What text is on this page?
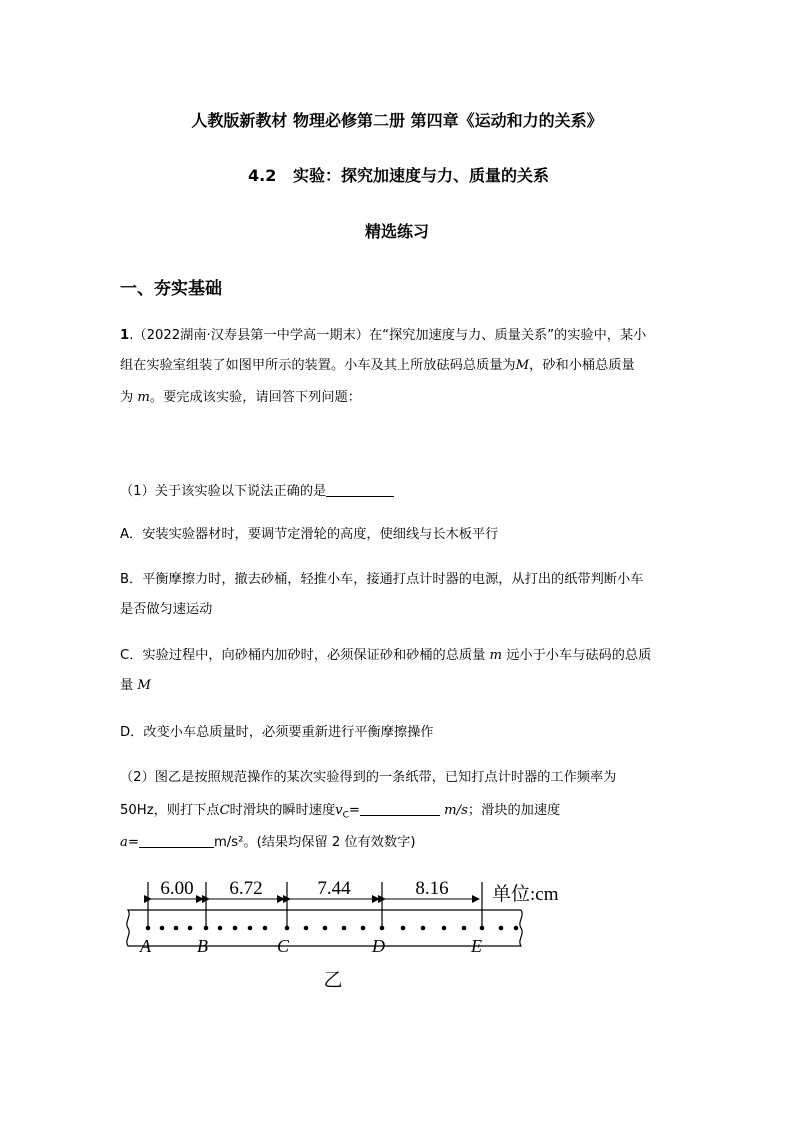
人教版新教材 物理必修第二册 第四章《运动和力的关系》
4.2   实验：探究加速度与力、质量的关系
精选练习
一、夯实基础
1.（2022湖南·汉寿县第一中学高一期末）在“探究加速度与力、质量关系”的实验中，某小
组在实验室组装了如图甲所示的装置。小车及其上所放砝码总质量为M，砂和小桶总质量
为 m。要完成该实验，请回答下列问题：
（1）关于该实验以下说法正确的是
A．安装实验器材时，要调节定滑轮的高度，使细线与长木板平行
B．平衡摩擦力时，撤去砂桶，轻推小车，接通打点计时器的电源，从打出的纸带判断小车
是否做匀速运动
C．实验过程中，向砂桶内加砂时，必须保证砂和砂桶的总质量 m 远小于小车与砝码的总质
量 M
D．改变小车总质量时，必须要重新进行平衡摩擦操作
（2）图乙是按照规范操作的某次实验得到的一条纸带，已知打点计时器的工作频率为
50Hz，则打下点C时滑块的瞬时速度$v_C=$	m/s；滑块的加速度
a=	m/s²。(结果均保留 2 位有效数字)
6.00 6.72	7.44	8.16 单位:cm
A	B	C	D	E
乙
